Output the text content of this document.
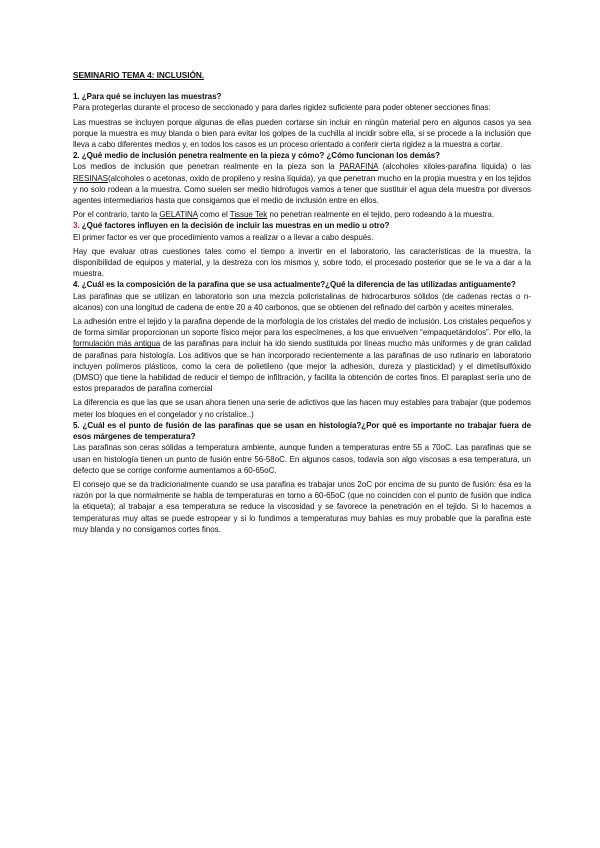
SEMINARIO TEMA 4: INCLUSIÓN.

1. ¿Para qué se incluyen las muestras?

Para protegerlas durante el proceso de seccionado y para darles rigidez suficiente para poder obtener secciones finas:

Las muestras se incluyen porque algunas de ellas pueden cortarse sin incluir en ningún material pero en algunos casos ya sea porque la muestra es muy blanda o bien para evitar los golpes de la cuchilla al incidir sobre ella, si se procede a la inclusión que lleva a cabo diferentes medios y, en todos los casos es un proceso orientado a conferir cierta rigidez a la muestra a cortar.

2. ¿Qué medio de inclusión penetra realmente en la pieza y cómo? ¿Cómo funcionan los demás?

Los medios de inclusión que penetran realmente en la pieza son la PARAFINA (alcoholes xiloles-parafina líquida) o las RESINAS(alcoholes o acetonas, oxido de propileno y resina líquida), ya que penetran mucho en la propia muestra y en los tejidos y no solo rodean a la muestra. Como suelen ser medio hidrofugos vamos a tener que sustituir el agua dela muestra por diversos agentes intermediarios hasta que consigamos que el medio de inclusión entre en ellos.

Por el contrario, tanto la GELATINA como el Tissue Tek no penetran realmente en el tejido, pero rodeando a la muestra.

3. ¿Qué factores influyen en la decisión de incluir las muestras en un medio u otro?

El primer factor es ver que procedimiento vamos a realizar o a llevar a cabo después.

Hay que evaluar otras cuestiones tales como el tiempo a invertir en el laboratorio, las características de la muestra, la disponibilidad de equipos y material, y la destreza con los mismos y, sobre todo, el procesado posterior que se le va a dar a la muestra.

4. ¿Cuál es la composición de la parafina que se usa actualmente?¿Qué la diferencia de las utilizadas antiguamente?

Las parafinas que se utilizan en laboratorio son una mezcla policristalinas de hidrocarburos sólidos (de cadenas rectas o n-alcanos) con una longitud de cadena de entre 20 a 40 carbonos, que se obtienen del refinado del carbón y aceites minerales.

La adhesión entre el tejido y la parafina depende de la morfología de los cristales del medio de inclusión. Los cristales pequeños y de forma similar proporcionan un soporte físico mejor para los especímenes, a los que envuelven “empaquetándolos”. Por ello, la formulación más antigua de las parafinas para incluir ha ido siendo sustituida por líneas mucho más uniformes y de gran calidad de parafinas para histología. Los aditivos que se han incorporado recientemente a las parafinas de uso rutinario en laboratorio incluyen polímeros plásticos, como la cera de polietileno (que mejor la adhesión, dureza y plasticidad) y el dimetilsulfóxido (DMSO) que tiene la habilidad de reducir el tiempo de infiltración, y facilita la obtención de cortes finos. El paraplast sería uno de estos preparados de parafina comercial

La diferencia es que las que se usan ahora tienen una serie de adictivos que las hacen muy estables para trabajar (que podemos meter los bloques en el congelador y no cristalice..)

5. ¿Cuál es el punto de fusión de las parafinas que se usan en histología?¿Por qué es importante no trabajar fuera de esos márgenes de temperatura?

Las parafinas son ceras sólidas a temperatura ambiente, aunque funden a temperaturas entre 55 a 70oC. Las parafinas que se usan en histología tienen un punto de fusión entre 56-58oC. En algunos casos, todavía son algo viscosas a esa temperatura, un defecto que se corrige conforme aumentamos a 60-65oC.

El consejo que se da tradicionalmente cuando se usa parafina es trabajar unos 2oC por encima de su punto de fusión: ésa es la razón por la que normalmente se habla de temperaturas en torno a 60-65oC (que no coinciden con el punto de fusión que indica la etiqueta); al trabajar a esa temperatura se reduce la viscosidad y se favorece la penetración en el tejido. Si lo hacemos a temperaturas muy altas se puede estropear y si lo fundimos a temperaturas muy bahías es muy probable que la parafina este muy blanda y no consigamos cortes finos.
